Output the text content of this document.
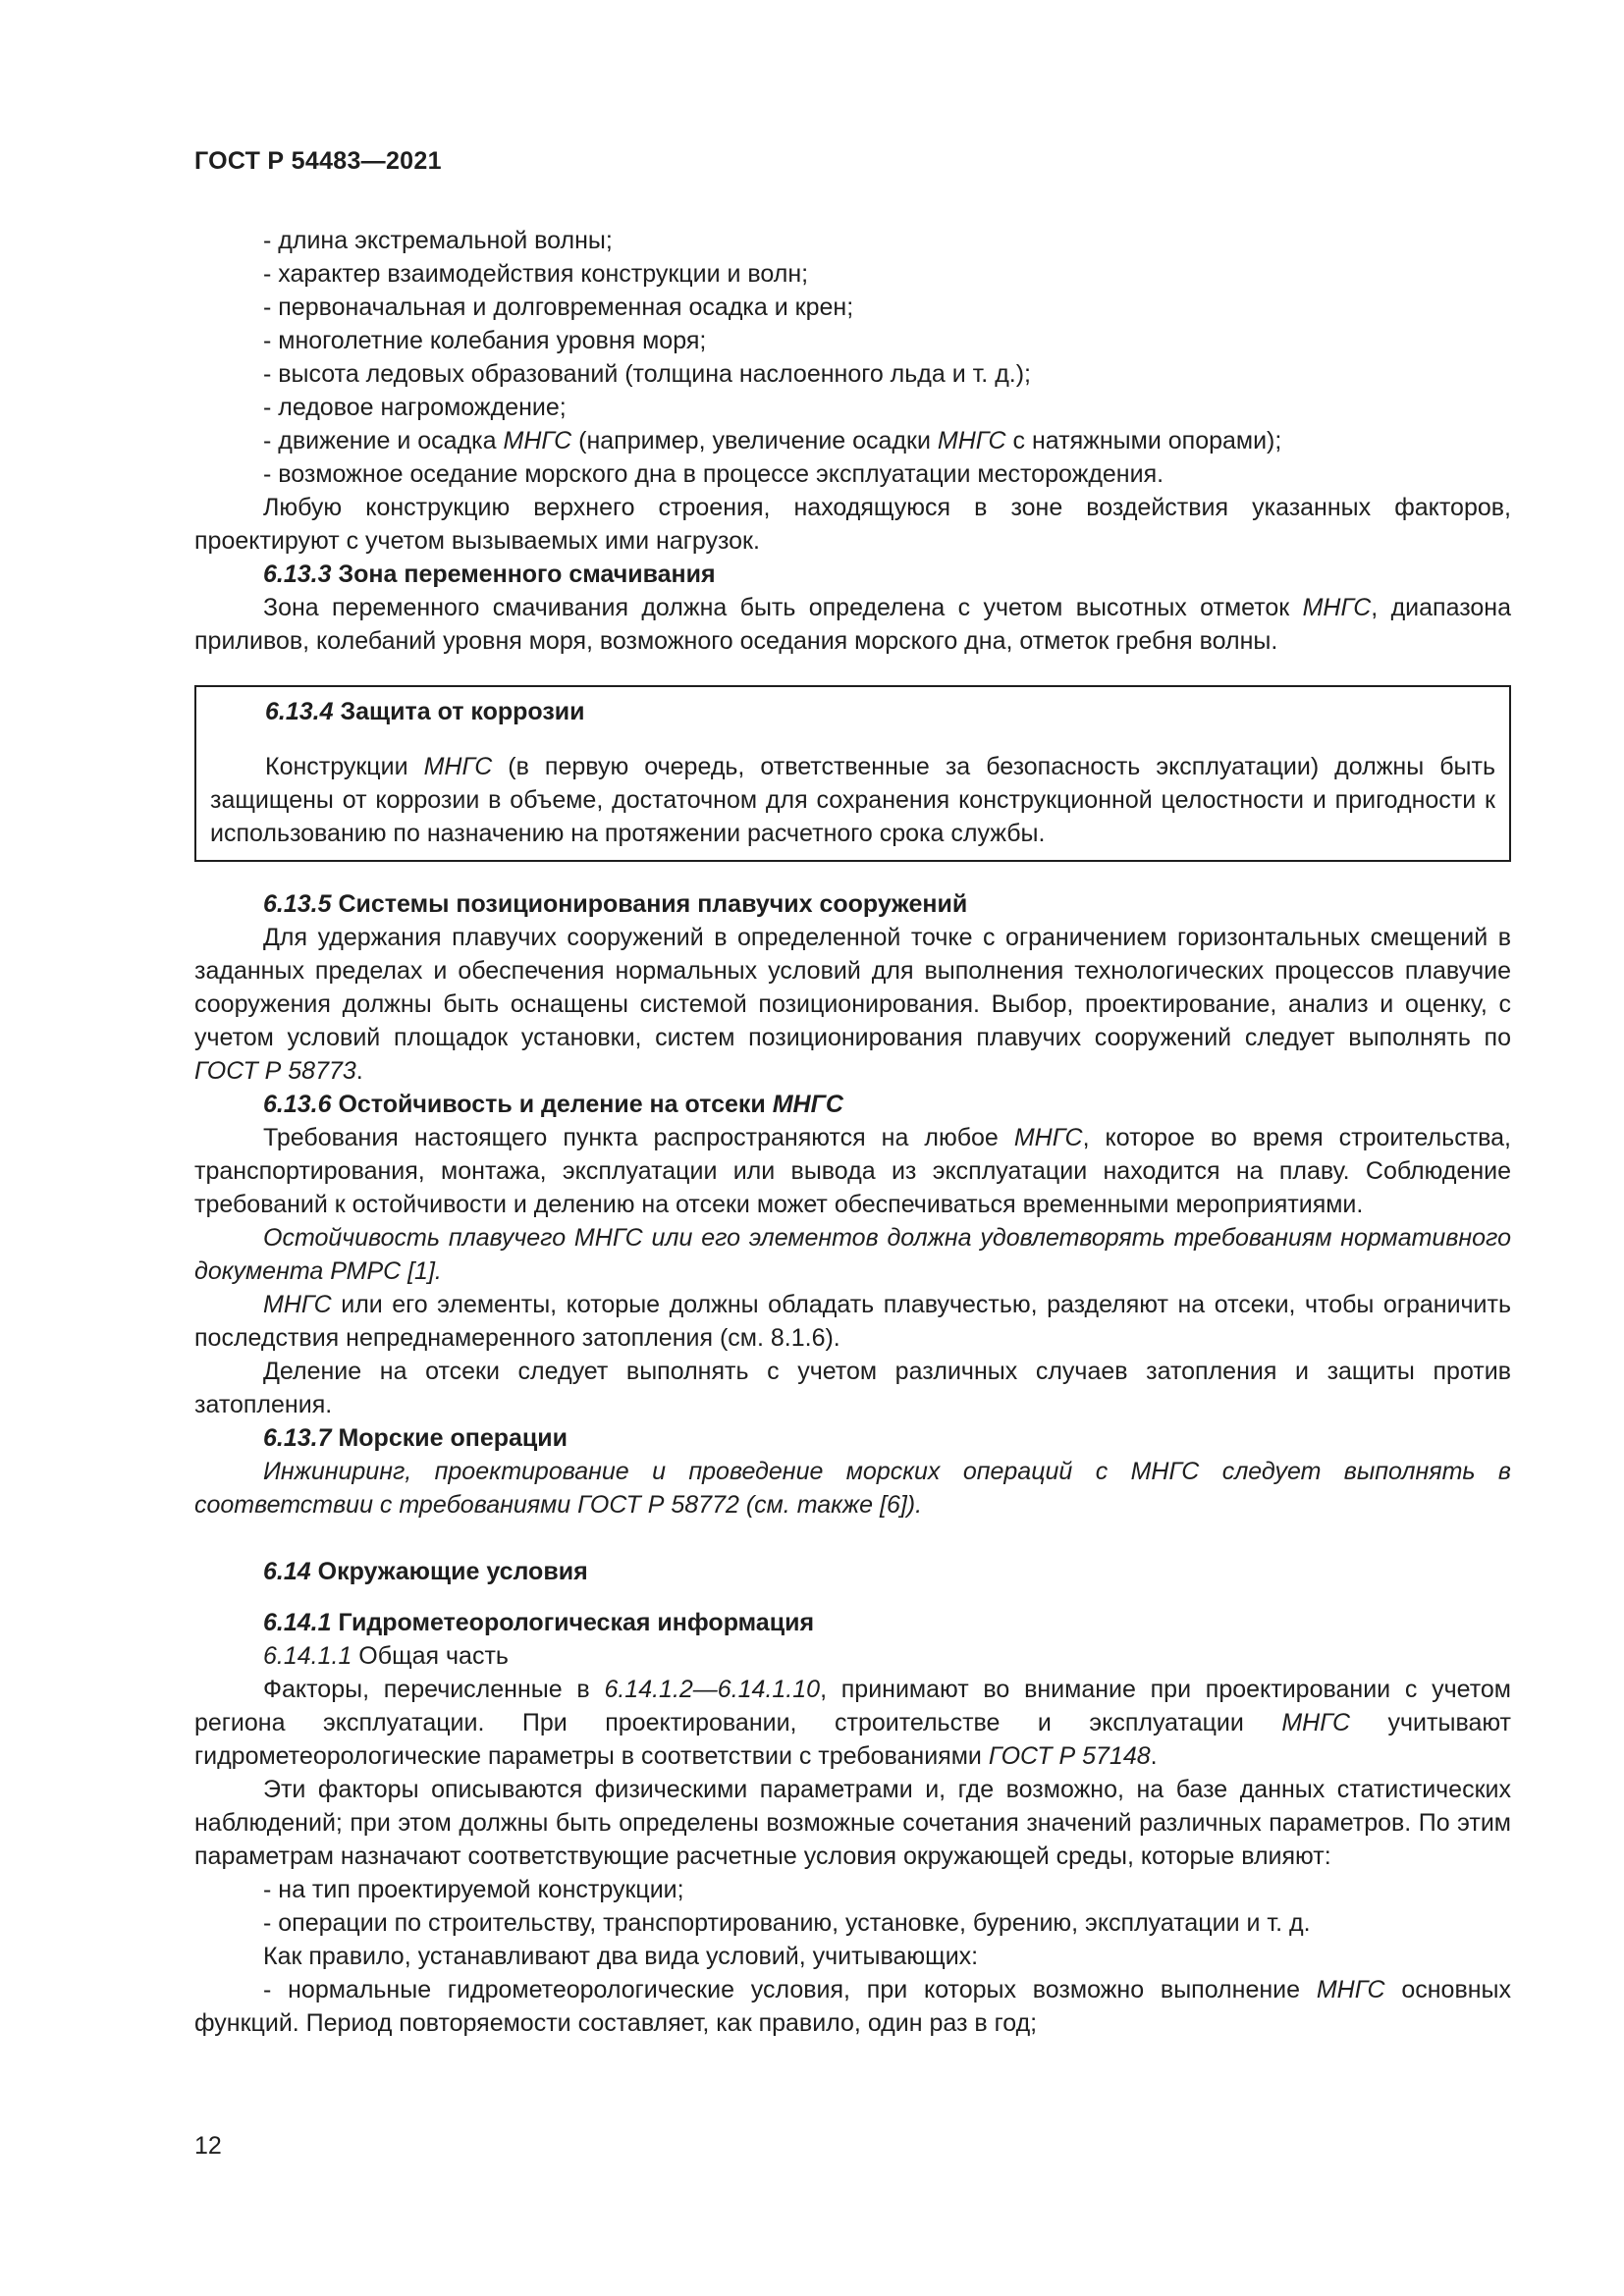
ГОСТ Р 54483—2021

- длина экстремальной волны;

- характер взаимодействия конструкции и волн;

- первоначальная и долговременная осадка и крен;

- многолетние колебания уровня моря;

- высота ледовых образований (толщина наслоенного льда и т. д.);

- ледовое нагромождение;

- движение и осадка МНГС (например, увеличение осадки МНГС с натяжными опорами);

- возможное оседание морского дна в процессе эксплуатации месторождения.

Любую конструкцию верхнего строения, находящуюся в зоне воздействия указанных факторов, проектируют с учетом вызываемых ими нагрузок.

6.13.3 Зона переменного смачивания

Зона переменного смачивания должна быть определена с учетом высотных отметок МНГС, диапазона приливов, колебаний уровня моря, возможного оседания морского дна, отметок гребня волны.

6.13.4 Защита от коррозии

Конструкции МНГС (в первую очередь, ответственные за безопасность эксплуатации) должны быть защищены от коррозии в объеме, достаточном для сохранения конструкционной целостности и пригодности к использованию по назначению на протяжении расчетного срока службы.

6.13.5 Системы позиционирования плавучих сооружений

Для удержания плавучих сооружений в определенной точке с ограничением горизонтальных смещений в заданных пределах и обеспечения нормальных условий для выполнения технологических процессов плавучие сооружения должны быть оснащены системой позиционирования. Выбор, проектирование, анализ и оценку, с учетом условий площадок установки, систем позиционирования плавучих сооружений следует выполнять по ГОСТ Р 58773.

6.13.6 Остойчивость и деление на отсеки МНГС

Требования настоящего пункта распространяются на любое МНГС, которое во время строительства, транспортирования, монтажа, эксплуатации или вывода из эксплуатации находится на плаву. Соблюдение требований к остойчивости и делению на отсеки может обеспечиваться временными мероприятиями.

Остойчивость плавучего МНГС или его элементов должна удовлетворять требованиям нормативного документа РМРС [1].

МНГС или его элементы, которые должны обладать плавучестью, разделяют на отсеки, чтобы ограничить последствия непреднамеренного затопления (см. 8.1.6).

Деление на отсеки следует выполнять с учетом различных случаев затопления и защиты против затопления.

6.13.7 Морские операции

Инжиниринг, проектирование и проведение морских операций с МНГС следует выполнять в соответствии с требованиями ГОСТ Р 58772 (см. также [6]).

6.14 Окружающие условия

6.14.1 Гидрометеорологическая информация

6.14.1.1 Общая часть

Факторы, перечисленные в 6.14.1.2—6.14.1.10, принимают во внимание при проектировании с учетом региона эксплуатации. При проектировании, строительстве и эксплуатации МНГС учитывают гидрометеорологические параметры в соответствии с требованиями ГОСТ Р 57148.

Эти факторы описываются физическими параметрами и, где возможно, на базе данных статистических наблюдений; при этом должны быть определены возможные сочетания значений различных параметров. По этим параметрам назначают соответствующие расчетные условия окружающей среды, которые влияют:

- на тип проектируемой конструкции;

- операции по строительству, транспортированию, установке, бурению, эксплуатации и т. д.

Как правило, устанавливают два вида условий, учитывающих:

- нормальные гидрометеорологические условия, при которых возможно выполнение МНГС основных функций. Период повторяемости составляет, как правило, один раз в год;

12
